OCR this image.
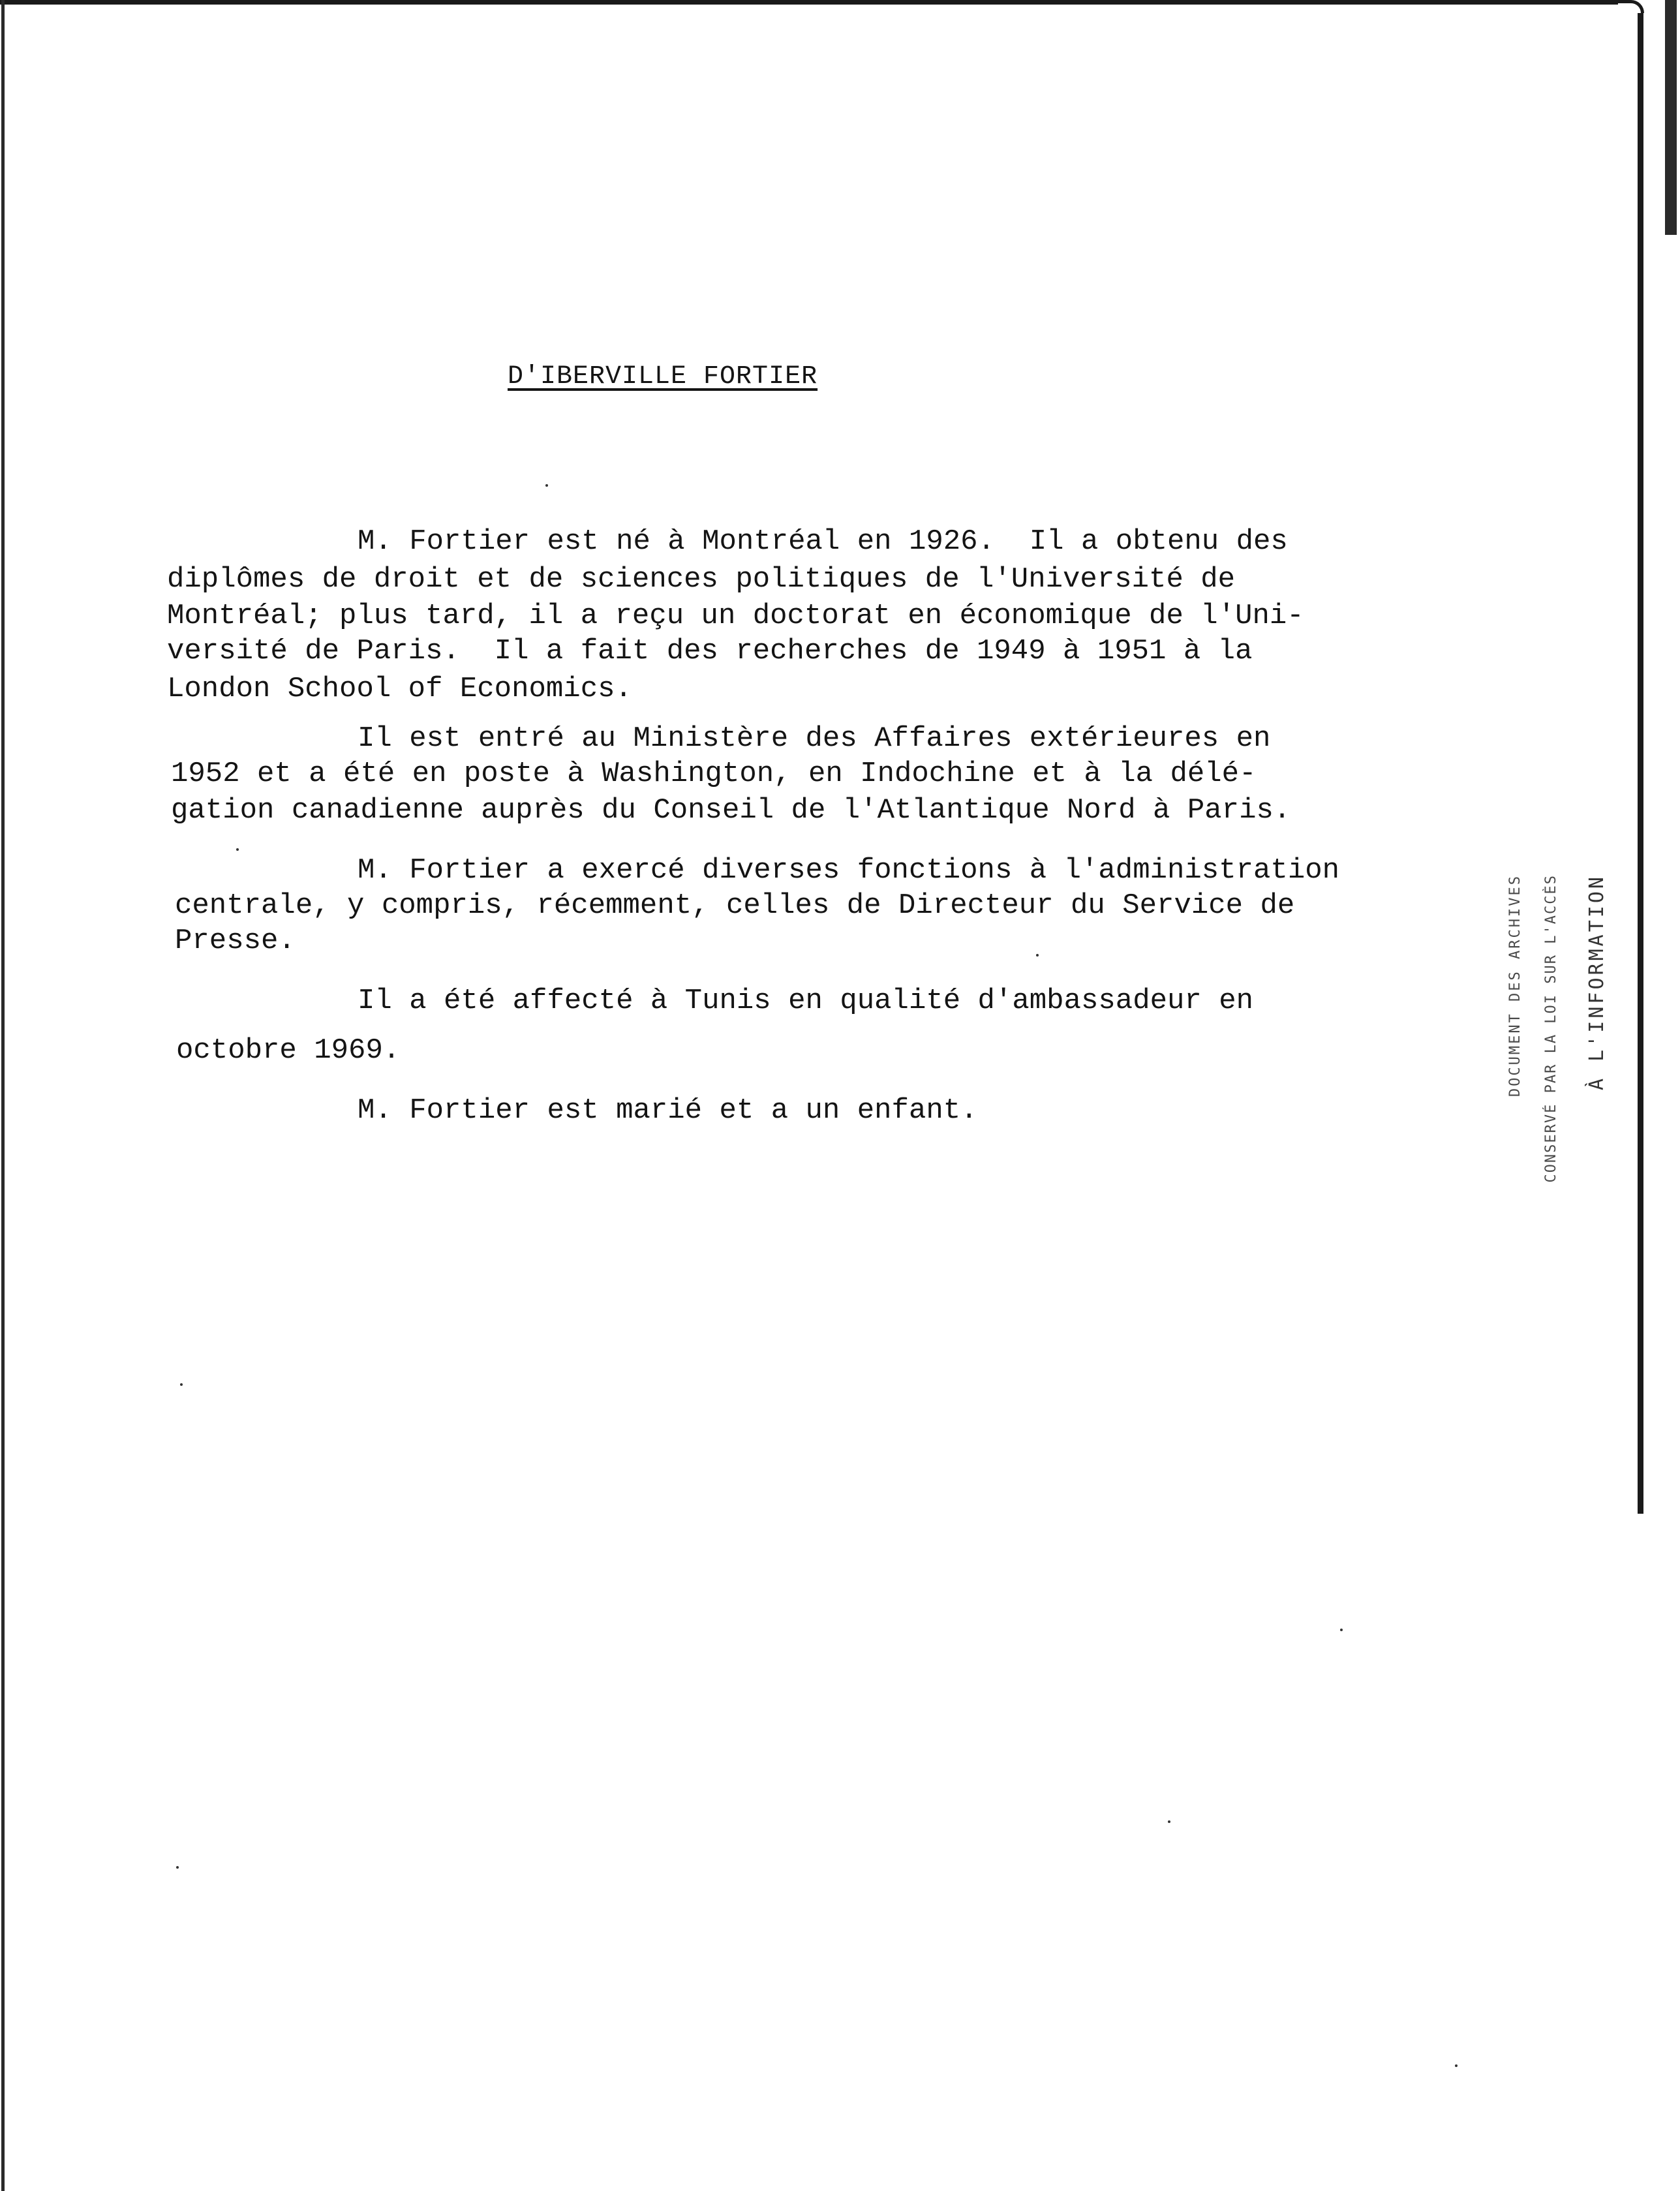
D'IBERVILLE FORTIER
M. Fortier est né à Montréal en 1926.  Il a obtenu des
diplômes de droit et de sciences politiques de l'Université de
Montréal; plus tard, il a reçu un doctorat en économique de l'Uni-
versité de Paris.  Il a fait des recherches de 1949 à 1951 à la
London School of Economics.
Il est entré au Ministère des Affaires extérieures en
1952 et a été en poste à Washington, en Indochine et à la délé-
gation canadienne auprès du Conseil de l'Atlantique Nord à Paris.
M. Fortier a exercé diverses fonctions à l'administration
centrale, y compris, récemment, celles de Directeur du Service de
Presse.
Il a été affecté à Tunis en qualité d'ambassadeur en
octobre 1969.
M. Fortier est marié et a un enfant.
DOCUMENT DES ARCHIVES CONSERVÉ PAR LA LOI SUR L'ACCÈS À L'INFORMATION
